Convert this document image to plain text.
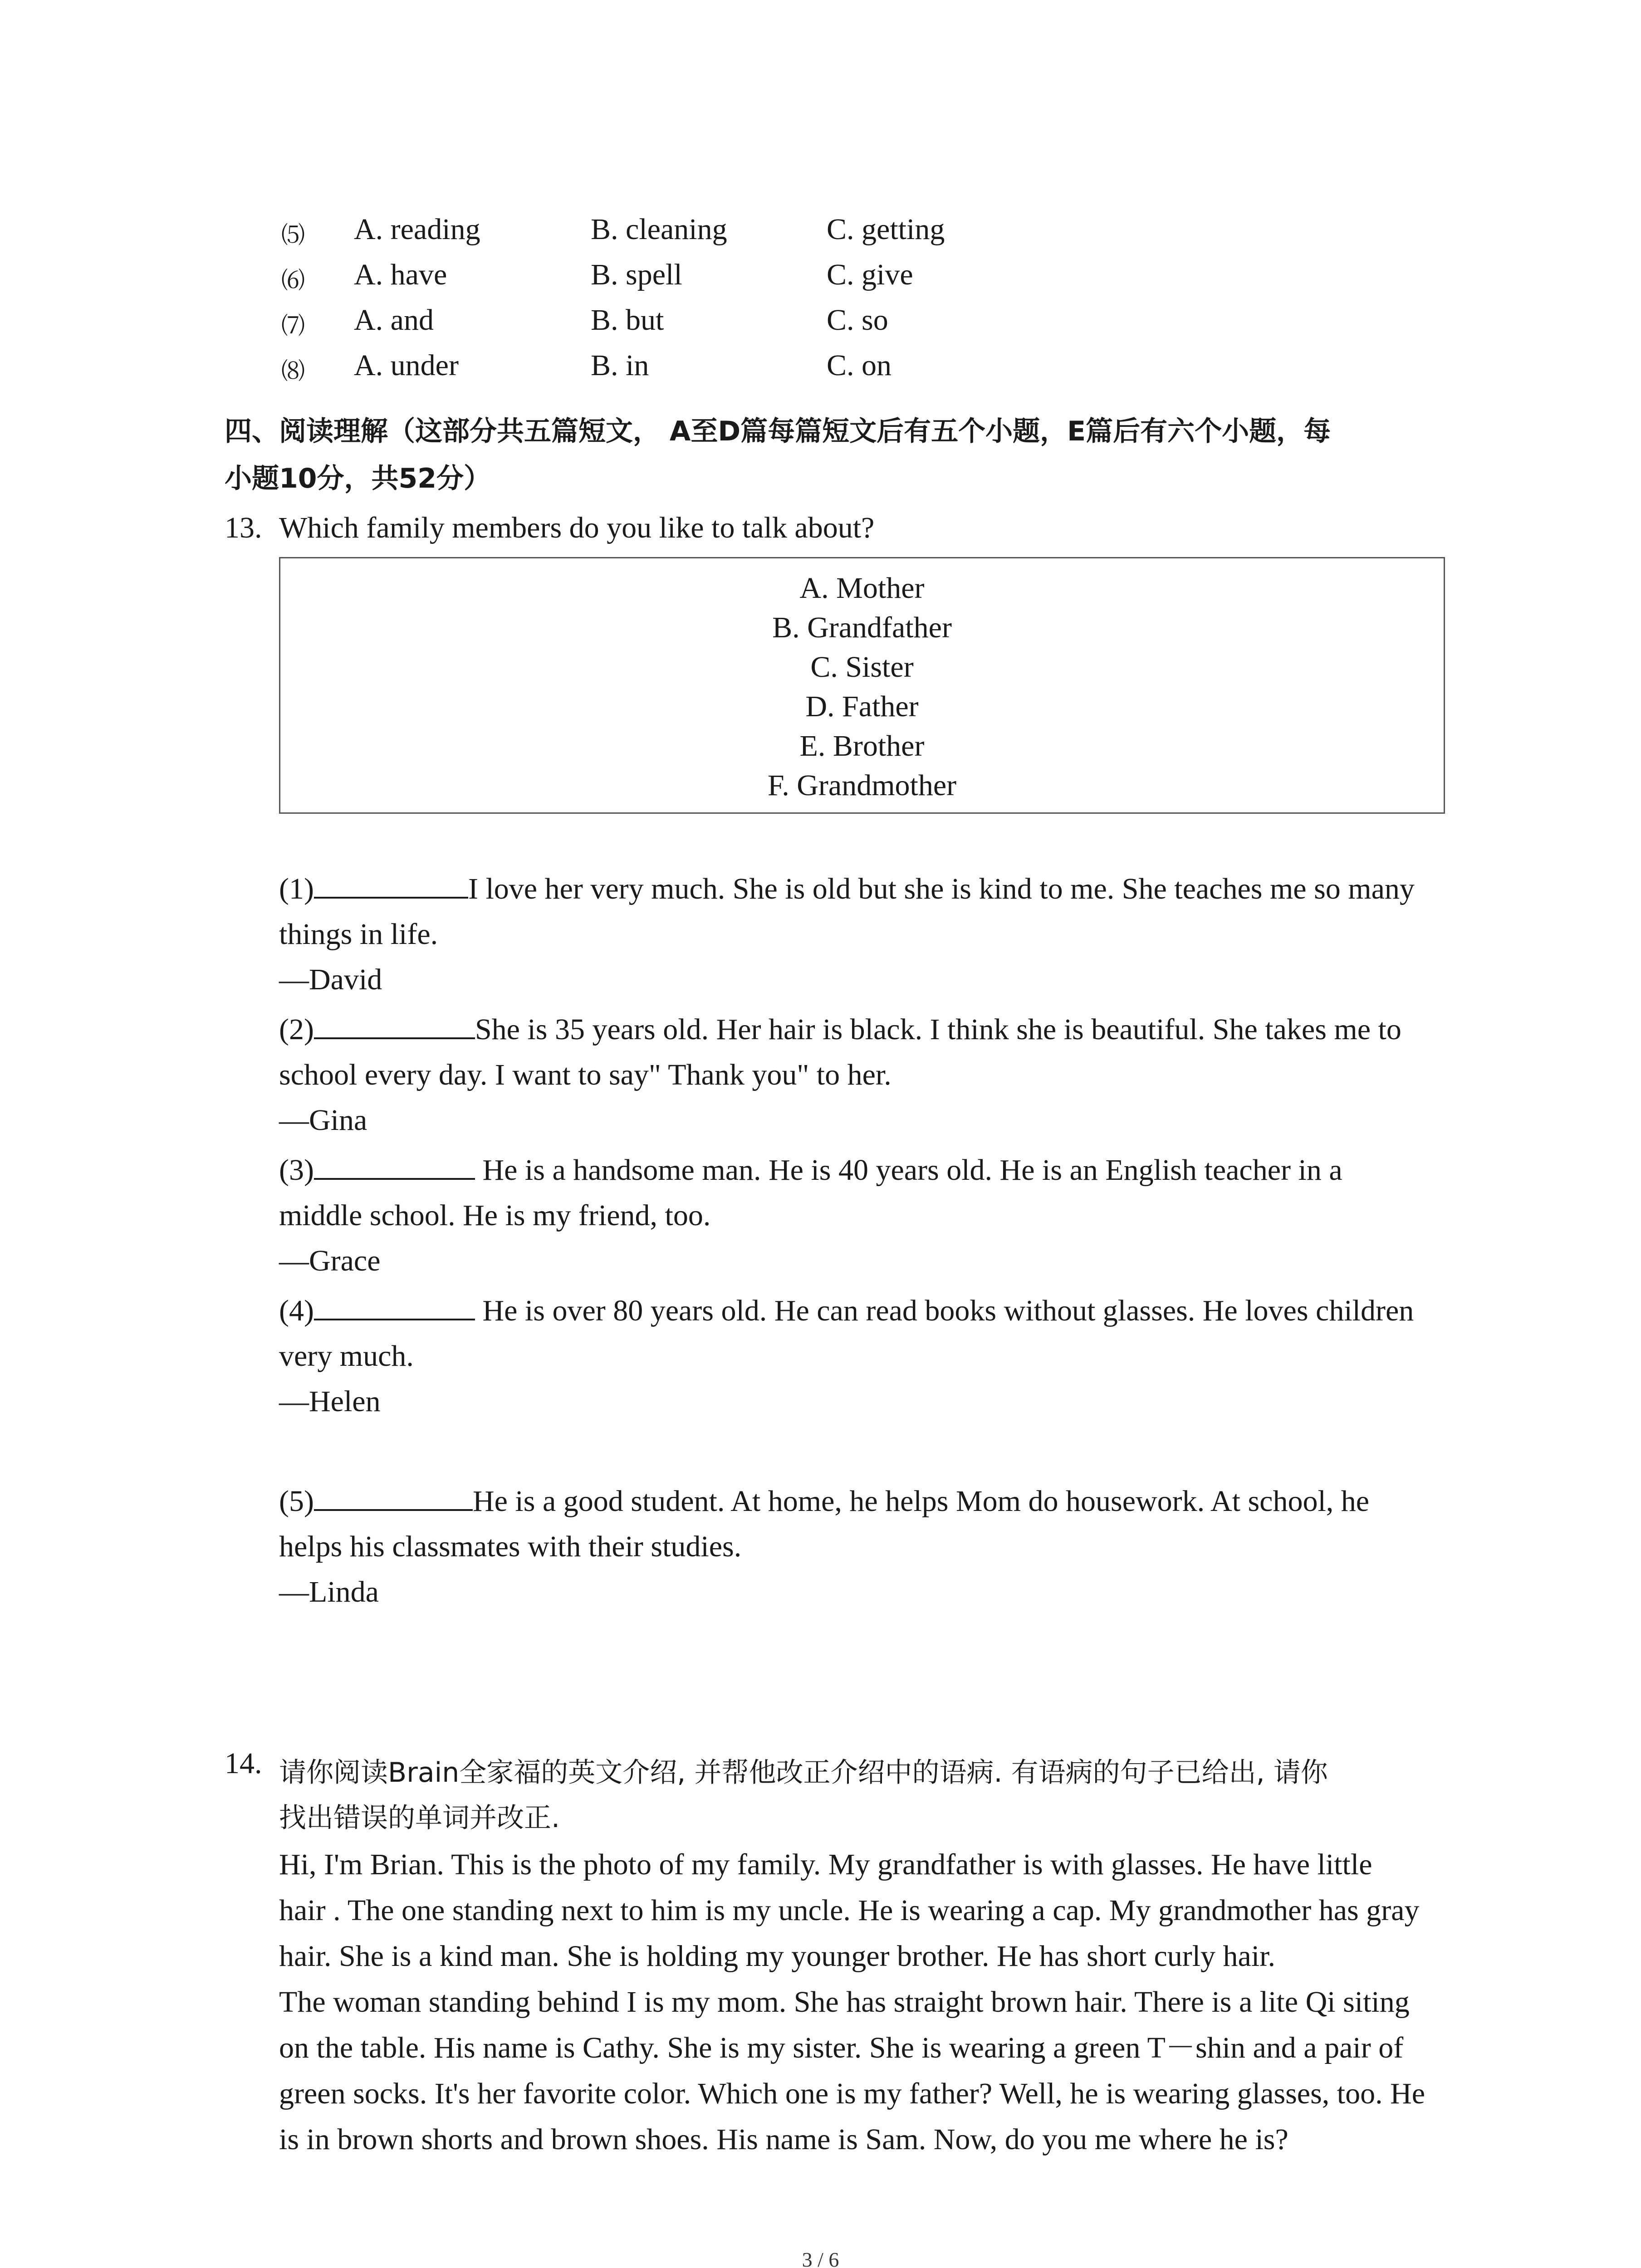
⑸ A. reading	B. cleaning	C. getting
⑹ A. have	B. spell	C. give
⑺ A. and	B. but	C. so
⑻ A. under	B. in	C. on
四、阅读理解（这部分共五篇短文， A至D篇每篇短文后有五个小题，E篇后有六个小题，每
小题10分，共52分）
13. Which family members do you like to talk about?
A. Mother
B. Grandfather
C. Sister
D. Father
E. Brother
F. Grandmother
(1)	I love her very much. She is old but she is kind to me. She teaches me so many
things in life.
—David
(2)	She is 35 years old. Her hair is black. I think she is beautiful. She takes me to
school every day. I want to say" Thank you" to her.
—Gina
(3)	He is a handsome man. He is 40 years old. He is an English teacher in a
middle school. He is my friend, too.
—Grace
(4)	He is over 80 years old. He can read books without glasses. He loves children
very much.
—Helen
(5)	He is a good student. At home, he helps Mom do housework. At school, he
helps his classmates with their studies.
—Linda
14. 请你阅读Brain全家福的英文介绍, 并帮他改正介绍中的语病. 有语病的句子已给出, 请你
找出错误的单词并改正.
Hi, I'm Brian. This is the photo of my family. My grandfather is with glasses. He have little
hair . The one standing next to him is my uncle. He is wearing a cap. My grandmother has gray
hair. She is a kind man. She is holding my younger brother. He has short curly hair.
The woman standing behind I is my mom. She has straight brown hair. There is a lite Qi siting
on the table. His name is Cathy. She is my sister. She is wearing a green T－shin and a pair of
green socks. It's her favorite color. Which one is my father? Well, he is wearing glasses, too. He
is in brown shorts and brown shoes. His name is Sam. Now, do you me where he is?
3 / 6
